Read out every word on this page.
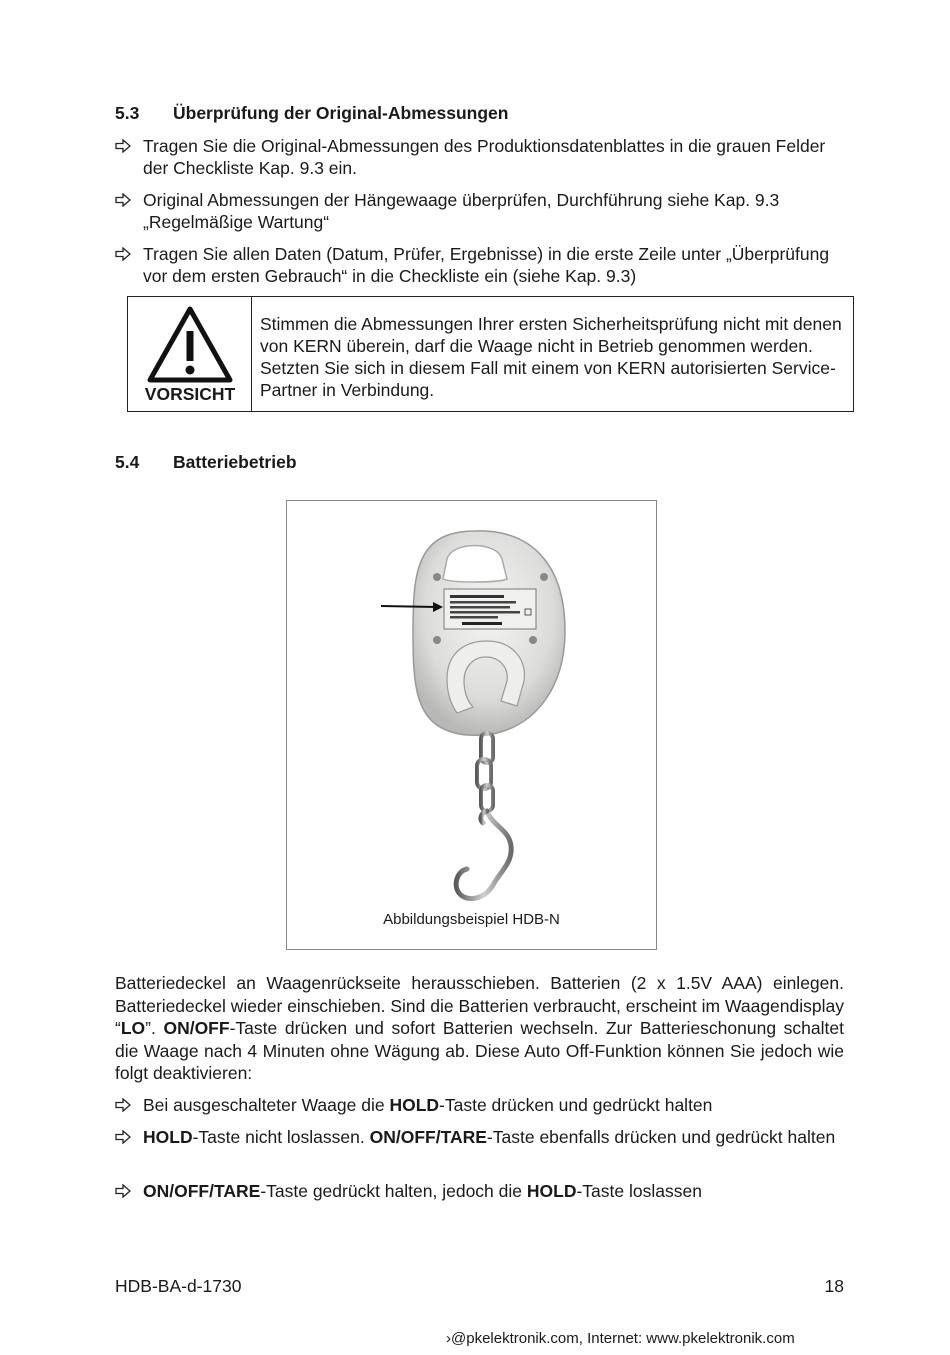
5.3 Überprüfung der Original-Abmessungen
Tragen Sie die Original-Abmessungen des Produktionsdatenblattes in die grauen Felder der Checkliste Kap. 9.3 ein.
Original Abmessungen der Hängewaage überprüfen, Durchführung siehe Kap. 9.3 „Regelmäßige Wartung“
Tragen Sie allen Daten (Datum, Prüfer, Ergebnisse) in die erste Zeile unter „Überprüfung vor dem ersten Gebrauch“ in die Checkliste ein (siehe Kap. 9.3)
VORSICHT
Stimmen die Abmessungen Ihrer ersten Sicherheitsprüfung nicht mit denen von KERN überein, darf die Waage nicht in Betrieb genommen werden. Setzten Sie sich in diesem Fall mit einem von KERN autorisierten Service-Partner in Verbindung.
5.4 Batteriebetrieb
Abbildungsbeispiel HDB-N
Batteriedeckel an Waagenrückseite herausschieben. Batterien (2 x 1.5V AAA) einlegen. Batteriedeckel wieder einschieben. Sind die Batterien verbraucht, erscheint im Waagendisplay “LO”. ON/OFF-Taste drücken und sofort Batterien wechseln. Zur Batterieschonung schaltet die Waage nach 4 Minuten ohne Wägung ab. Diese Auto Off-Funktion können Sie jedoch wie folgt deaktivieren:
Bei ausgeschalteter Waage die HOLD-Taste drücken und gedrückt halten
HOLD-Taste nicht loslassen. ON/OFF/TARE-Taste ebenfalls drücken und gedrückt halten
ON/OFF/TARE-Taste gedrückt halten, jedoch die HOLD-Taste loslassen
HDB-BA-d-1730	18
›@pkelektronik.com, Internet: www.pkelektronik.com
